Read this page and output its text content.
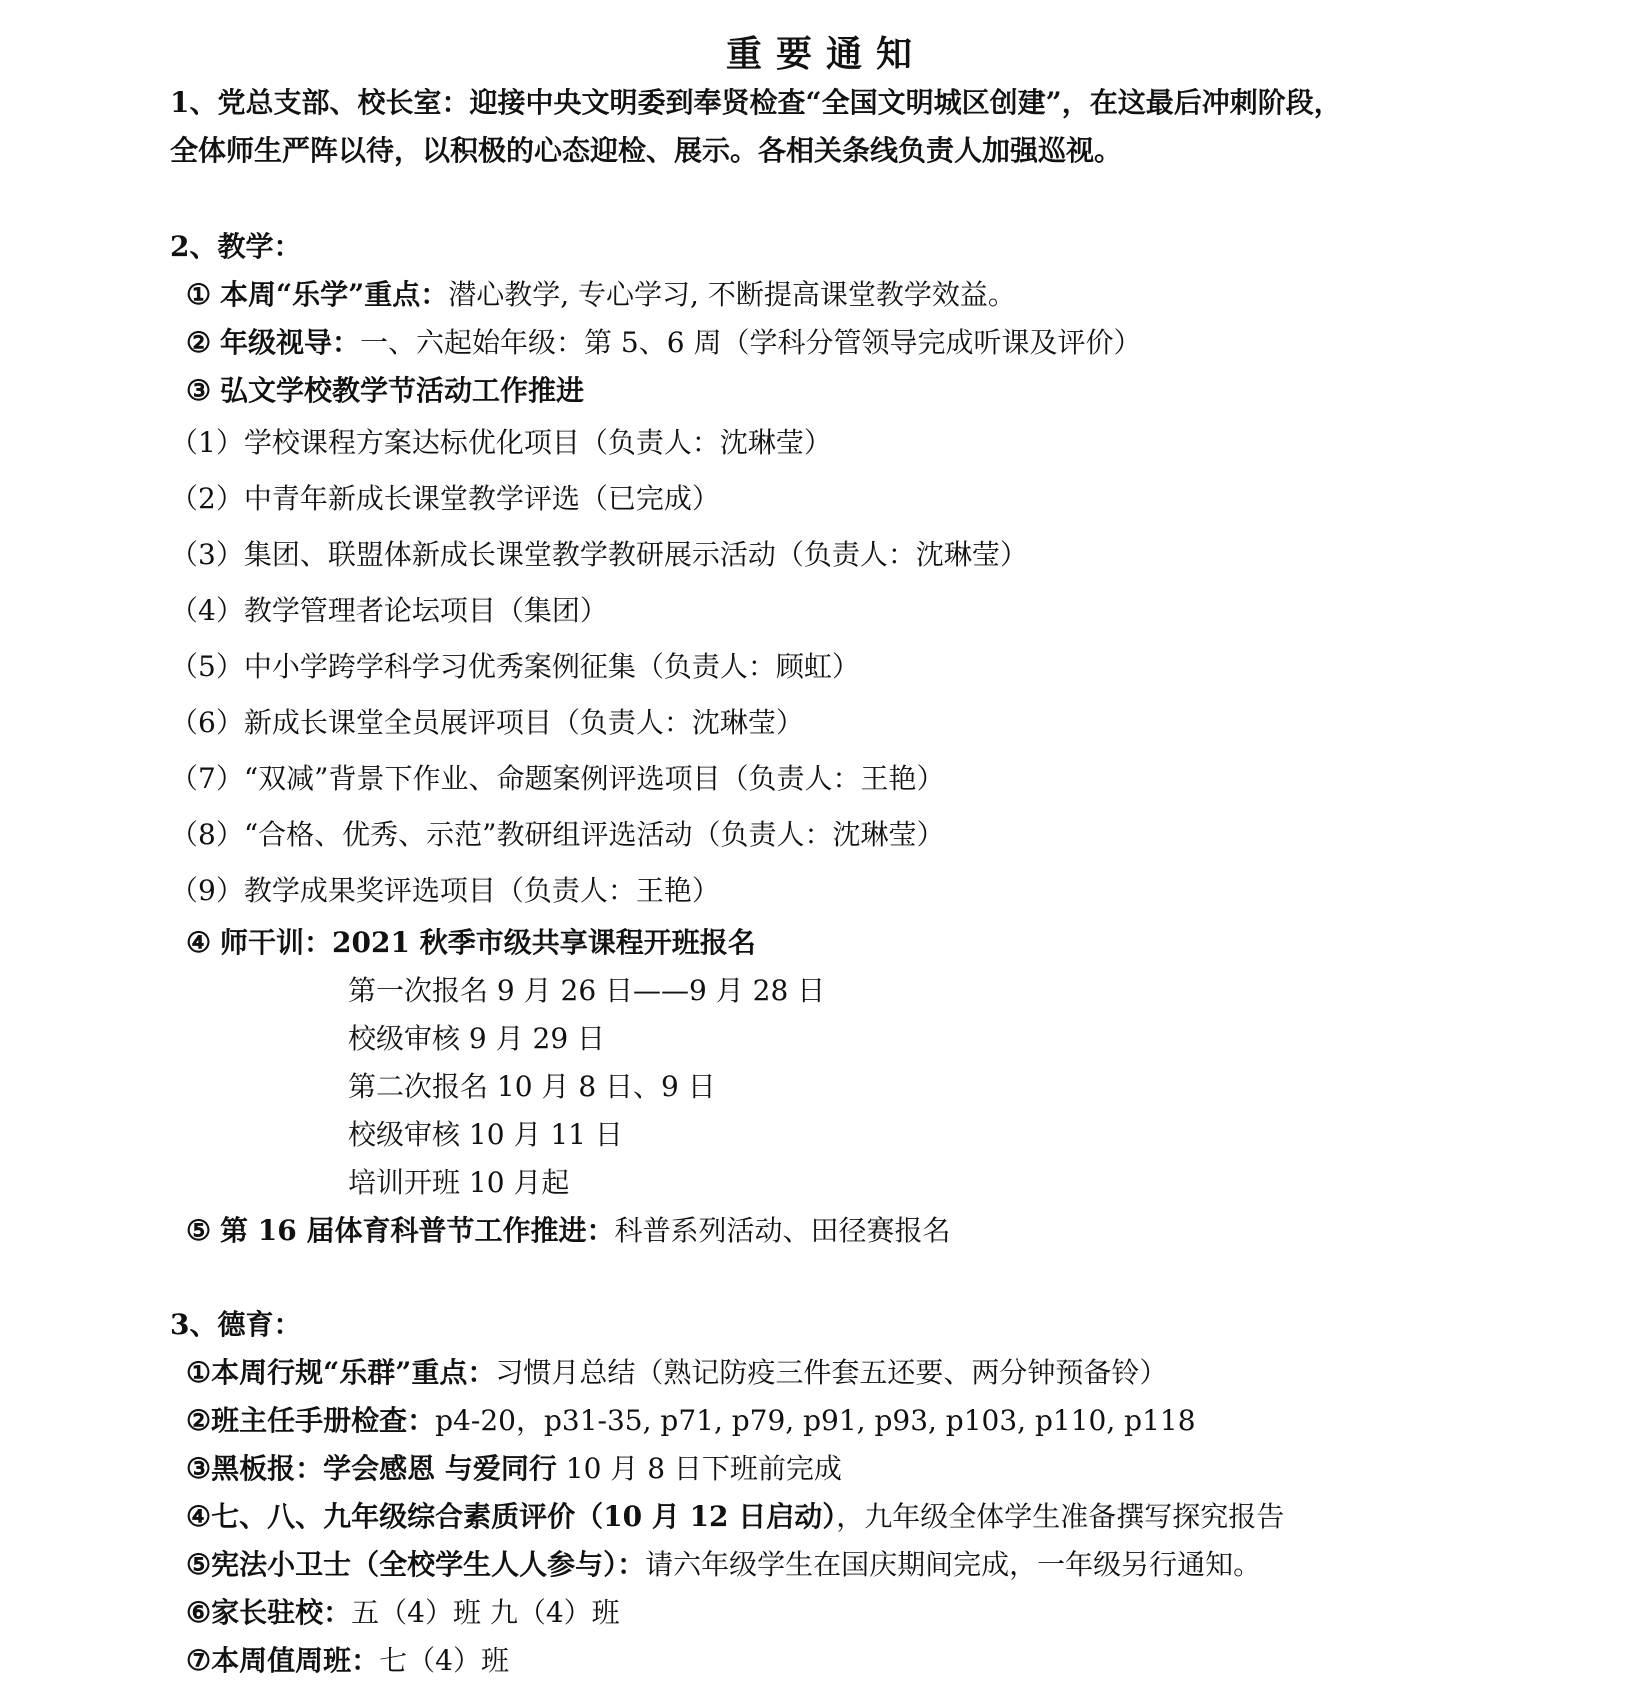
重要通知
1、党总支部、校长室：迎接中央文明委到奉贤检查“全国文明城区创建”，在这最后冲刺阶段，
全体师生严阵以待，以积极的心态迎检、展示。各相关条线负责人加强巡视。
2、教学：
① 本周“乐学”重点：潜心教学, 专心学习, 不断提高课堂教学效益。
② 年级视导：一、六起始年级：第 5、6 周（学科分管领导完成听课及评价）
③ 弘文学校教学节活动工作推进
（1）学校课程方案达标优化项目（负责人：沈琳莹）
（2）中青年新成长课堂教学评选（已完成）
（3）集团、联盟体新成长课堂教学教研展示活动（负责人：沈琳莹）
（4）教学管理者论坛项目（集团）
（5）中小学跨学科学习优秀案例征集（负责人：顾虹）
（6）新成长课堂全员展评项目（负责人：沈琳莹）
（7）“双减”背景下作业、命题案例评选项目（负责人：王艳）
（8）“合格、优秀、示范”教研组评选活动（负责人：沈琳莹）
（9）教学成果奖评选项目（负责人：王艳）
④ 师干训：2021 秋季市级共享课程开班报名
第一次报名 9 月 26 日——9 月 28 日
校级审核 9 月 29 日
第二次报名 10 月 8 日、9 日
校级审核 10 月 11 日
培训开班 10 月起
⑤ 第 16 届体育科普节工作推进：科普系列活动、田径赛报名
3、德育：
①本周行规“乐群”重点：习惯月总结（熟记防疫三件套五还要、两分钟预备铃）
②班主任手册检查：p4-20，p31-35, p71, p79, p91, p93, p103, p110, p118
③黑板报：学会感恩 与爱同行 10 月 8 日下班前完成
④七、八、九年级综合素质评价（10 月 12 日启动），九年级全体学生准备撰写探究报告
⑤宪法小卫士（全校学生人人参与）：请六年级学生在国庆期间完成，一年级另行通知。
⑥家长驻校：五（4）班 九（4）班
⑦本周值周班：七（4）班
